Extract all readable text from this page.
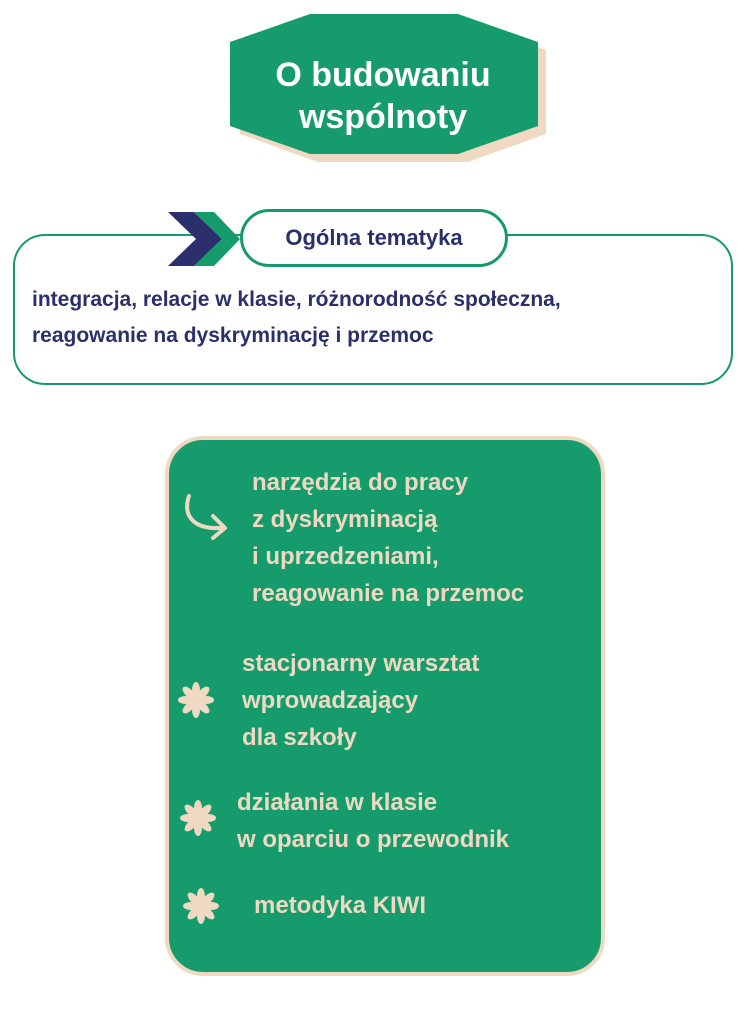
O budowaniu
wspólnoty
Ogólna tematyka
integracja, relacje w klasie, różnorodność społeczna,
reagowanie na dyskryminację i przemoc
narzędzia do pracy
z dyskryminacją
i uprzedzeniami,
reagowanie na przemoc
stacjonarny warsztat
wprowadzający
dla szkoły
działania w klasie
w oparciu o przewodnik
metodyka KIWI
